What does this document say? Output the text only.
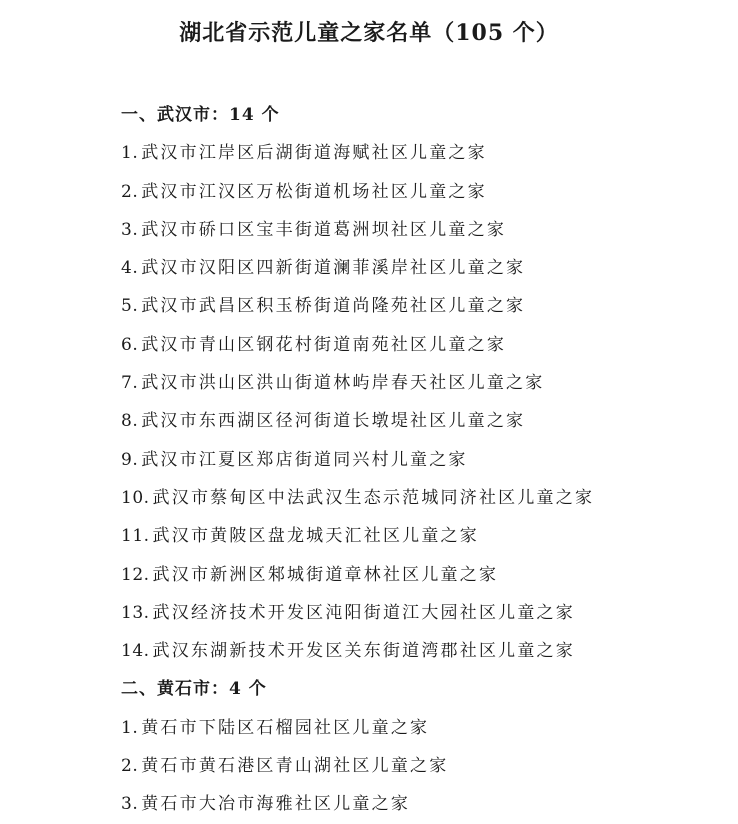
湖北省示范儿童之家名单（105 个）
一、武汉市：14 个
1. 武汉市江岸区后湖街道海赋社区儿童之家
2. 武汉市江汉区万松街道机场社区儿童之家
3. 武汉市硚口区宝丰街道葛洲坝社区儿童之家
4. 武汉市汉阳区四新街道澜菲溪岸社区儿童之家
5. 武汉市武昌区积玉桥街道尚隆苑社区儿童之家
6. 武汉市青山区钢花村街道南苑社区儿童之家
7. 武汉市洪山区洪山街道林屿岸春天社区儿童之家
8. 武汉市东西湖区径河街道长墩堤社区儿童之家
9. 武汉市江夏区郑店街道同兴村儿童之家
10. 武汉市蔡甸区中法武汉生态示范城同济社区儿童之家
11. 武汉市黄陂区盘龙城天汇社区儿童之家
12. 武汉市新洲区邾城街道章林社区儿童之家
13. 武汉经济技术开发区沌阳街道江大园社区儿童之家
14. 武汉东湖新技术开发区关东街道湾郡社区儿童之家
二、黄石市：4 个
1. 黄石市下陆区石榴园社区儿童之家
2. 黄石市黄石港区青山湖社区儿童之家
3. 黄石市大冶市海雅社区儿童之家
